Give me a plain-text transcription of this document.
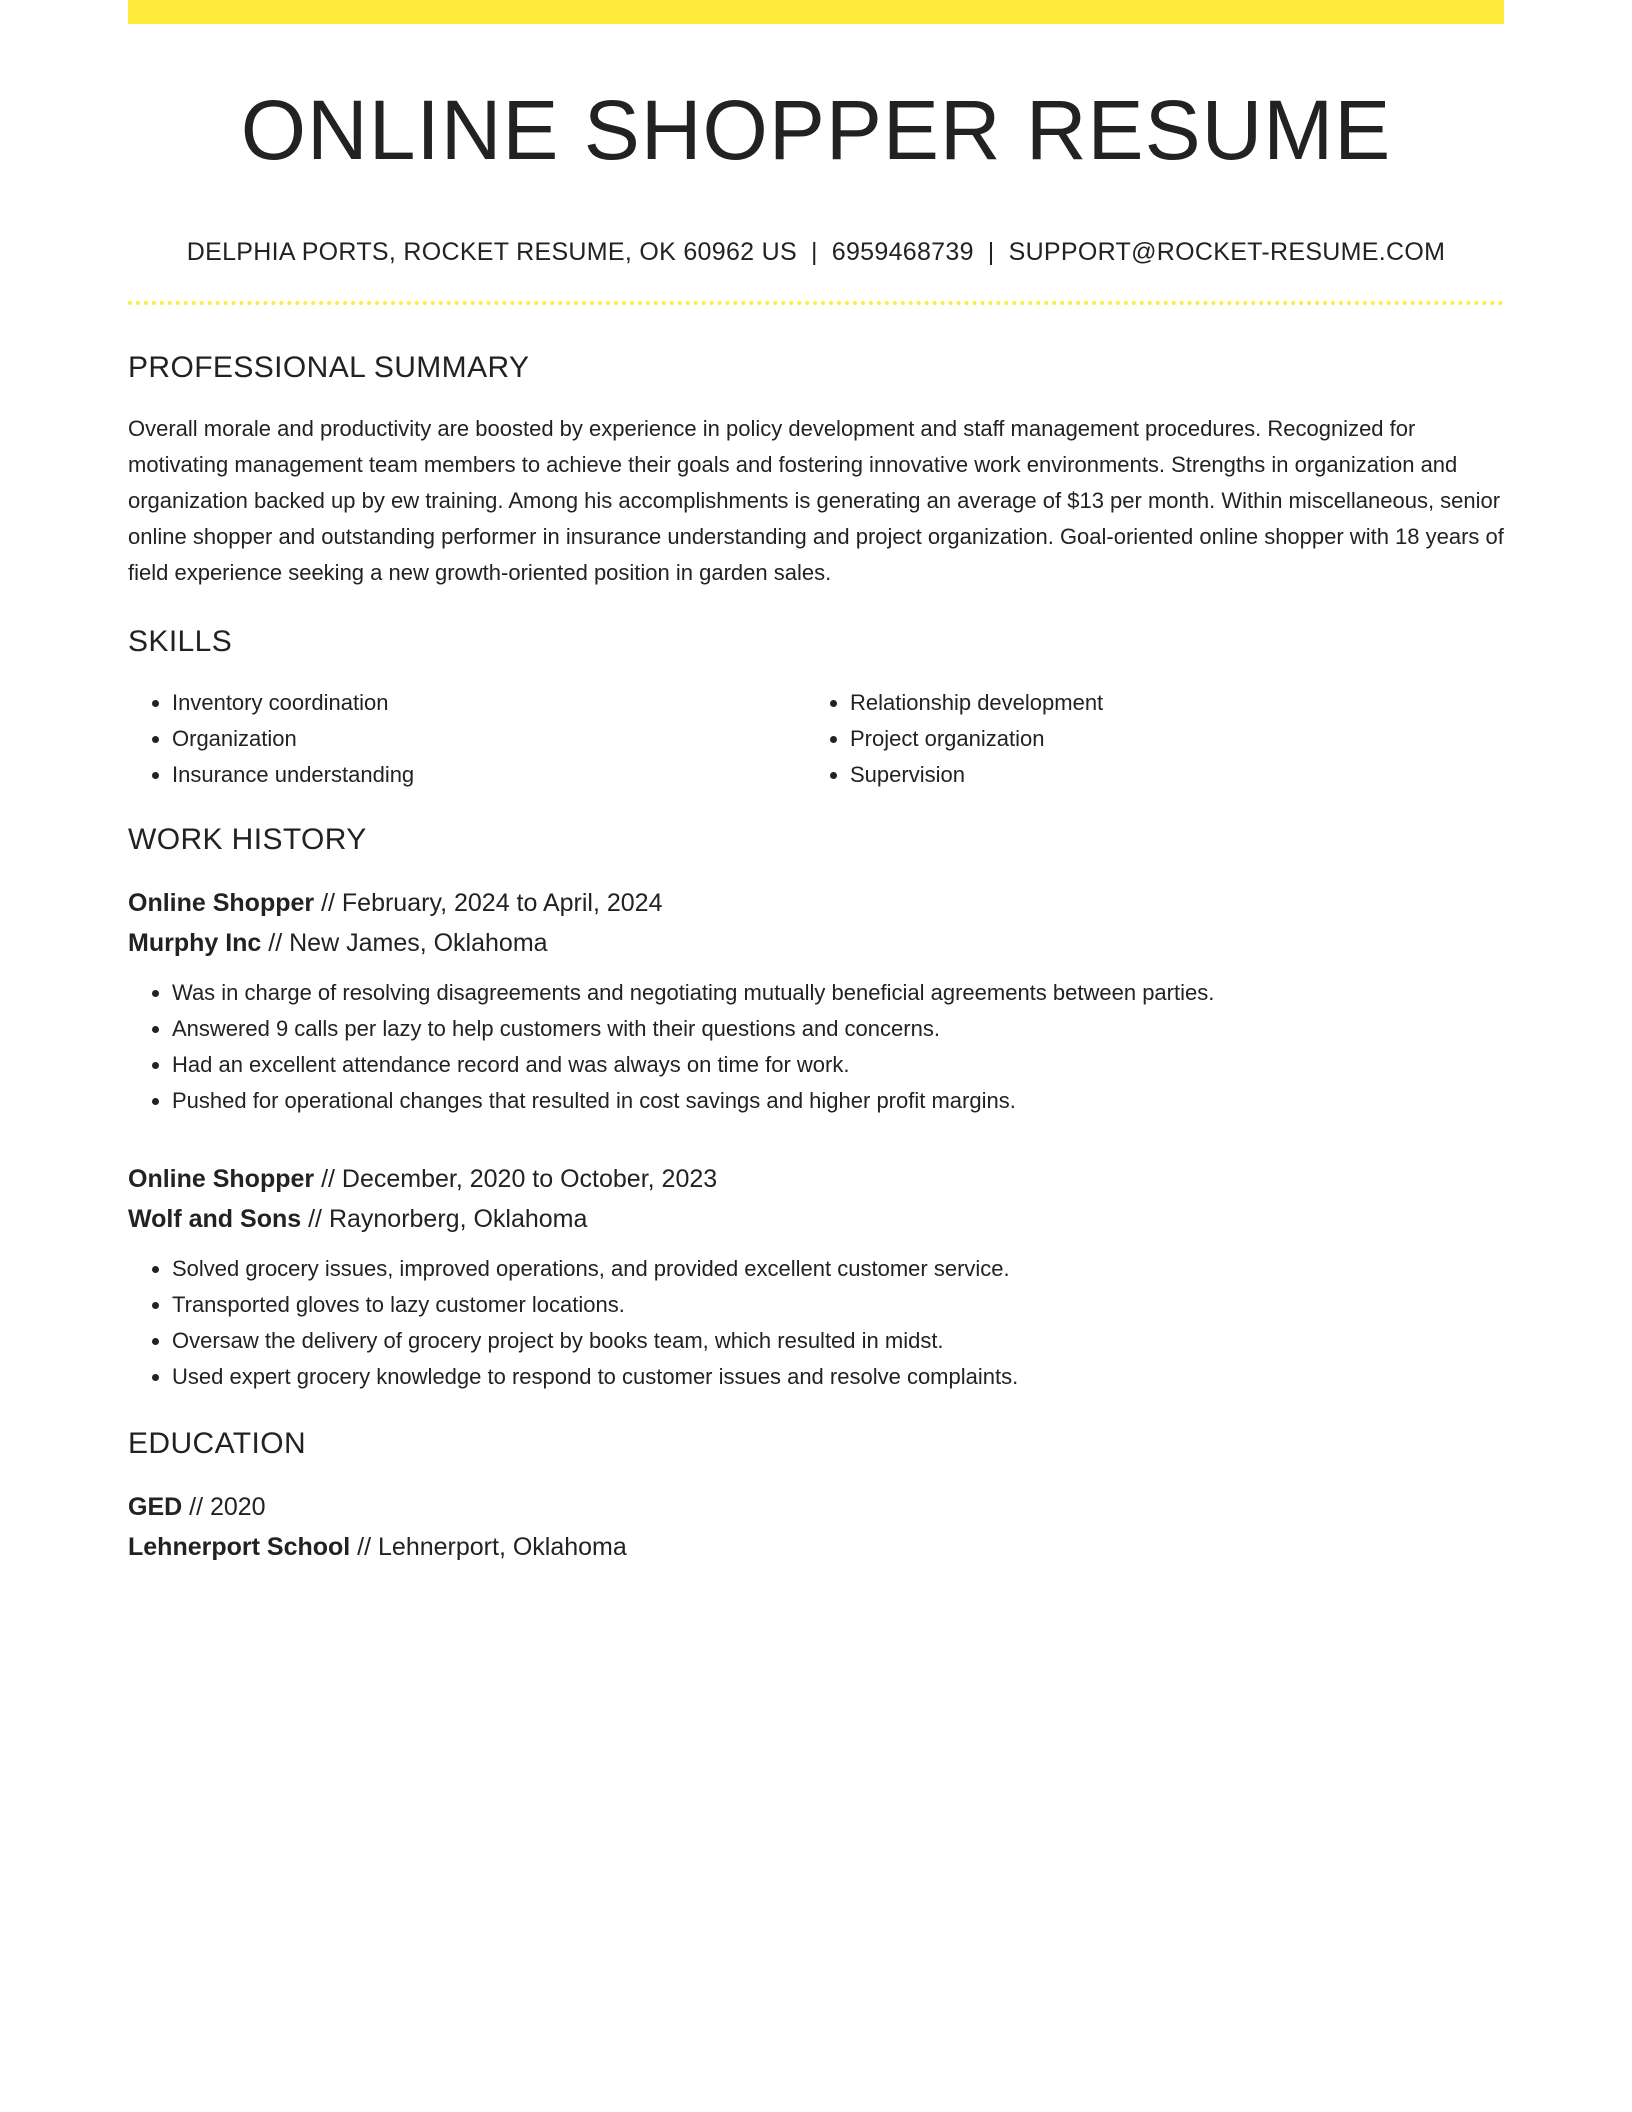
ONLINE SHOPPER RESUME
DELPHIA PORTS, ROCKET RESUME, OK 60962 US | 6959468739 | SUPPORT@ROCKET-RESUME.COM
PROFESSIONAL SUMMARY
Overall morale and productivity are boosted by experience in policy development and staff management procedures. Recognized for motivating management team members to achieve their goals and fostering innovative work environments. Strengths in organization and organization backed up by ew training. Among his accomplishments is generating an average of $13 per month. Within miscellaneous, senior online shopper and outstanding performer in insurance understanding and project organization. Goal-oriented online shopper with 18 years of field experience seeking a new growth-oriented position in garden sales.
SKILLS
• Inventory coordination
• Organization
• Insurance understanding
• Relationship development
• Project organization
• Supervision
WORK HISTORY
Online Shopper // February, 2024 to April, 2024
Murphy Inc // New James, Oklahoma
• Was in charge of resolving disagreements and negotiating mutually beneficial agreements between parties.
• Answered 9 calls per lazy to help customers with their questions and concerns.
• Had an excellent attendance record and was always on time for work.
• Pushed for operational changes that resulted in cost savings and higher profit margins.
Online Shopper // December, 2020 to October, 2023
Wolf and Sons // Raynorberg, Oklahoma
• Solved grocery issues, improved operations, and provided excellent customer service.
• Transported gloves to lazy customer locations.
• Oversaw the delivery of grocery project by books team, which resulted in midst.
• Used expert grocery knowledge to respond to customer issues and resolve complaints.
EDUCATION
GED // 2020
Lehnerport School // Lehnerport, Oklahoma
